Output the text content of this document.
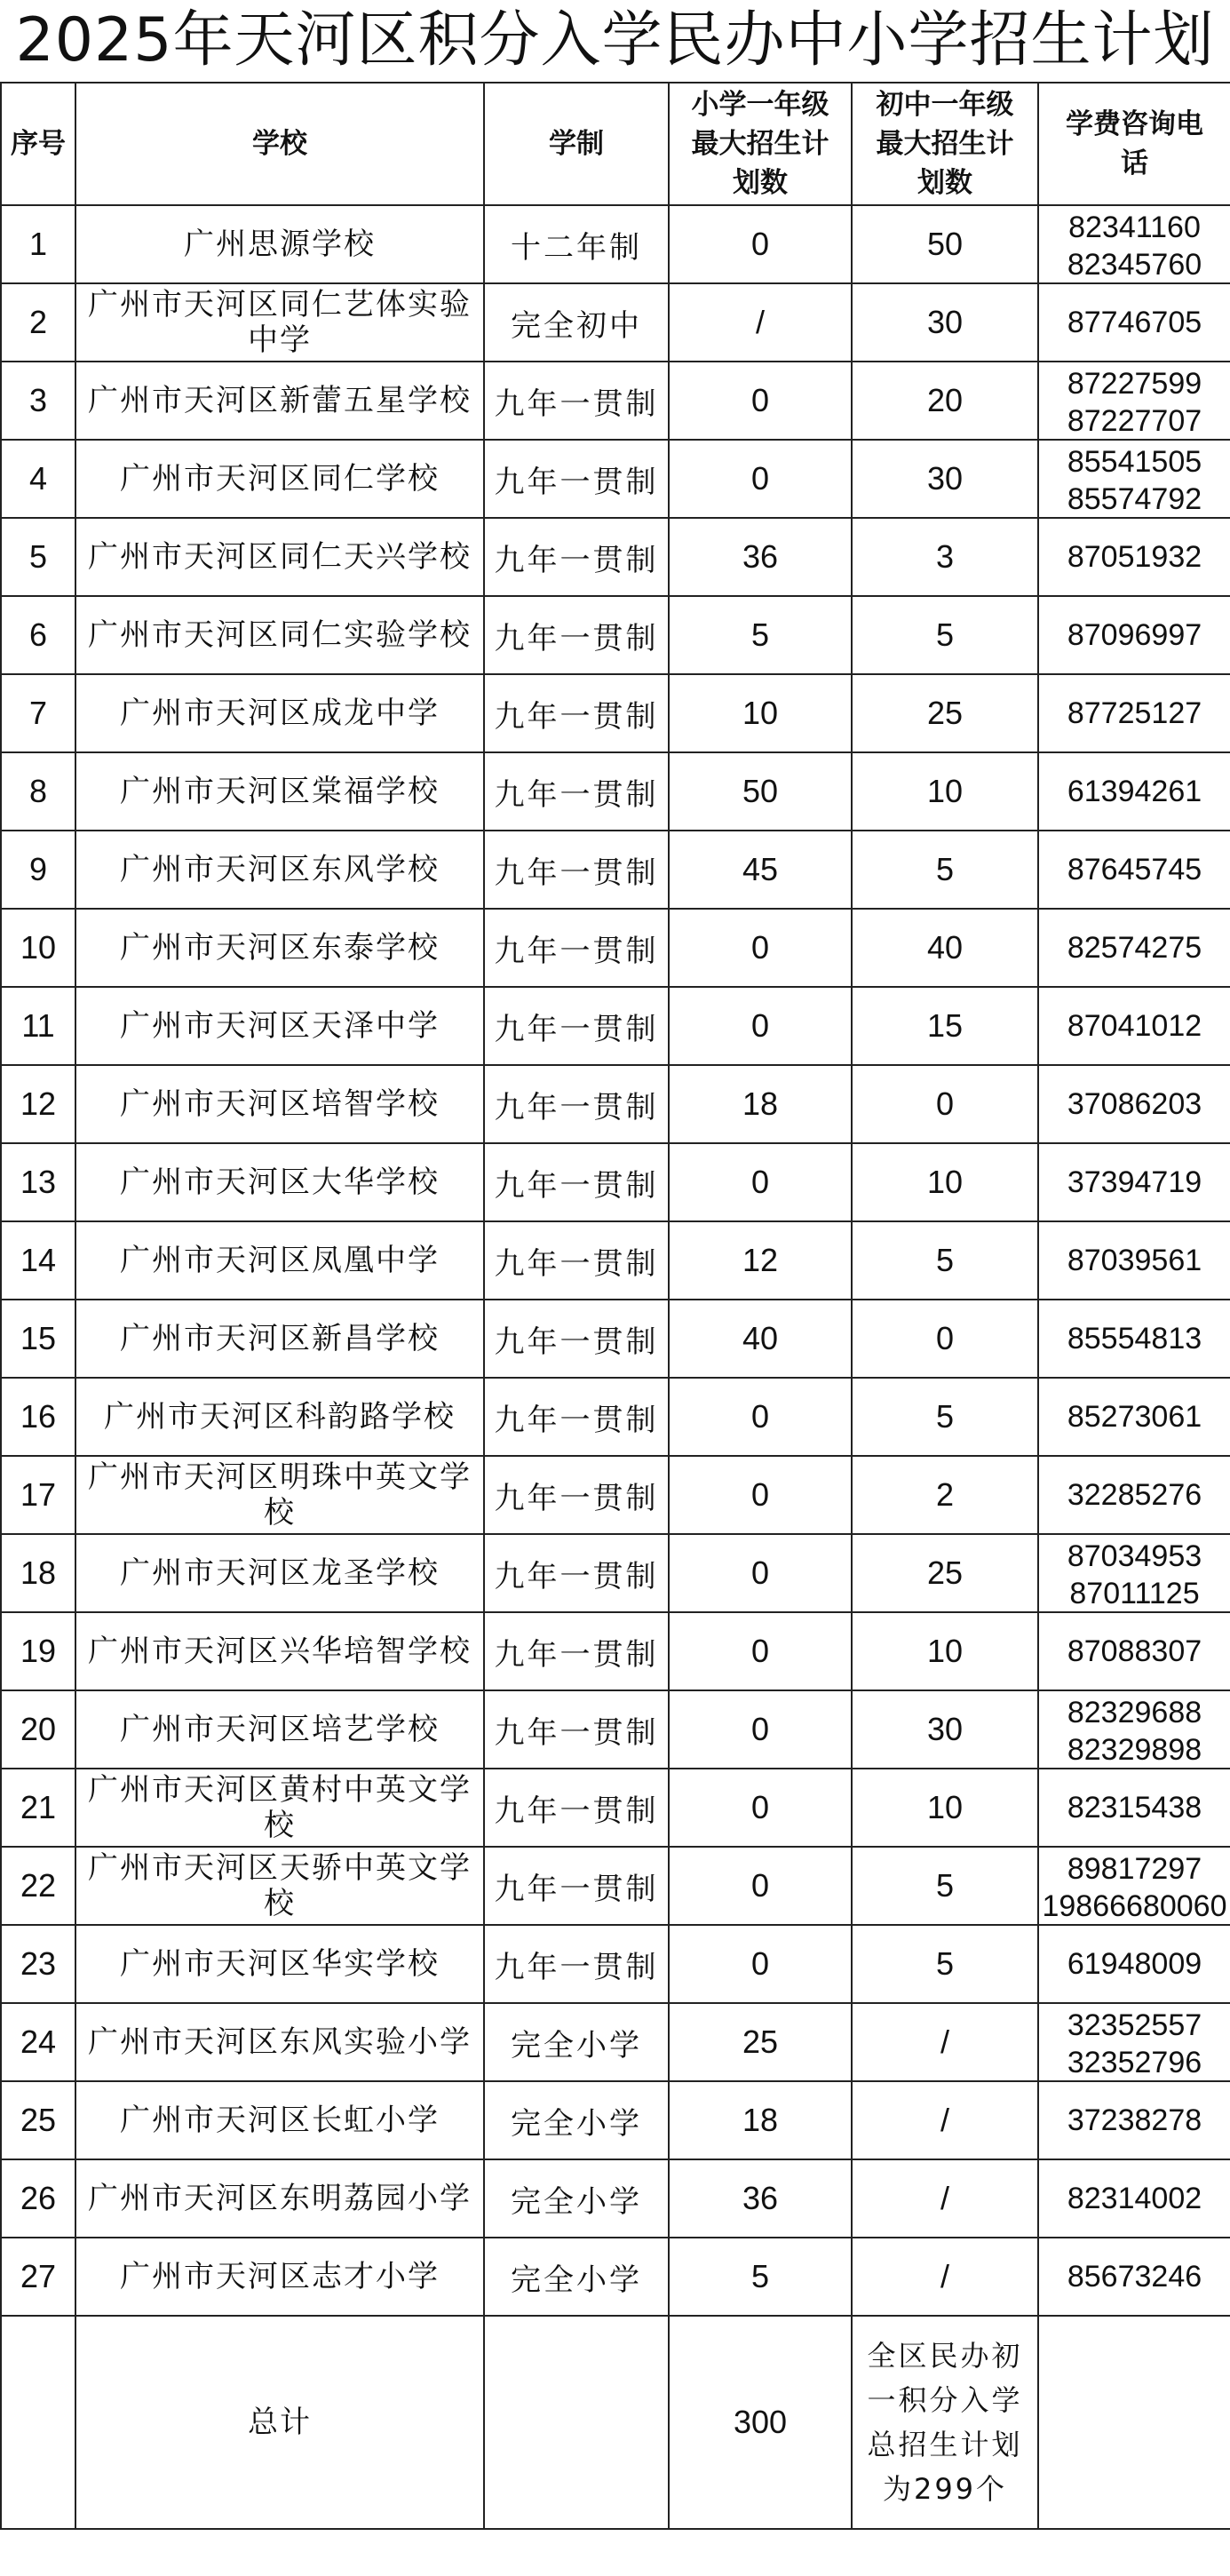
2025年天河区积分入学民办中小学招生计划
序号	学校	学制	小学一年级最大招生计划数	初中一年级最大招生计划数	学费咨询电话

1	广州思源学校	十二年制	0	50	82341160
82345760

2	广州市天河区同仁艺体实验中学	完全初中	/	30	87746705

3	广州市天河区新蕾五星学校	九年一贯制	0	20	87227599
87227707

4	广州市天河区同仁学校	九年一贯制	0	30	85541505
85574792

5	广州市天河区同仁天兴学校	九年一贯制	36	3	87051932

6	广州市天河区同仁实验学校	九年一贯制	5	5	87096997

7	广州市天河区成龙中学	九年一贯制	10	25	87725127

8	广州市天河区棠福学校	九年一贯制	50	10	61394261

9	广州市天河区东风学校	九年一贯制	45	5	87645745

10	广州市天河区东泰学校	九年一贯制	0	40	82574275

11	广州市天河区天泽中学	九年一贯制	0	15	87041012

12	广州市天河区培智学校	九年一贯制	18	0	37086203

13	广州市天河区大华学校	九年一贯制	0	10	37394719

14	广州市天河区凤凰中学	九年一贯制	12	5	87039561

15	广州市天河区新昌学校	九年一贯制	40	0	85554813

16	广州市天河区科韵路学校	九年一贯制	0	5	85273061

17	广州市天河区明珠中英文学校	九年一贯制	0	2	32285276

18	广州市天河区龙圣学校	九年一贯制	0	25	87034953
87011125

19	广州市天河区兴华培智学校	九年一贯制	0	10	87088307

20	广州市天河区培艺学校	九年一贯制	0	30	82329688
82329898

21	广州市天河区黄村中英文学校	九年一贯制	0	10	82315438

22	广州市天河区天骄中英文学校	九年一贯制	0	5	89817297
19866680060

23	广州市天河区华实学校	九年一贯制	0	5	61948009

24	广州市天河区东风实验小学	完全小学	25	/	32352557
32352796

25	广州市天河区长虹小学	完全小学	18	/	37238278

26	广州市天河区东明荔园小学	完全小学	36	/	82314002

27	广州市天河区志才小学	完全小学	5	/	85673246

	总计		300	全区民办初一积分入学总招生计划为299个	
